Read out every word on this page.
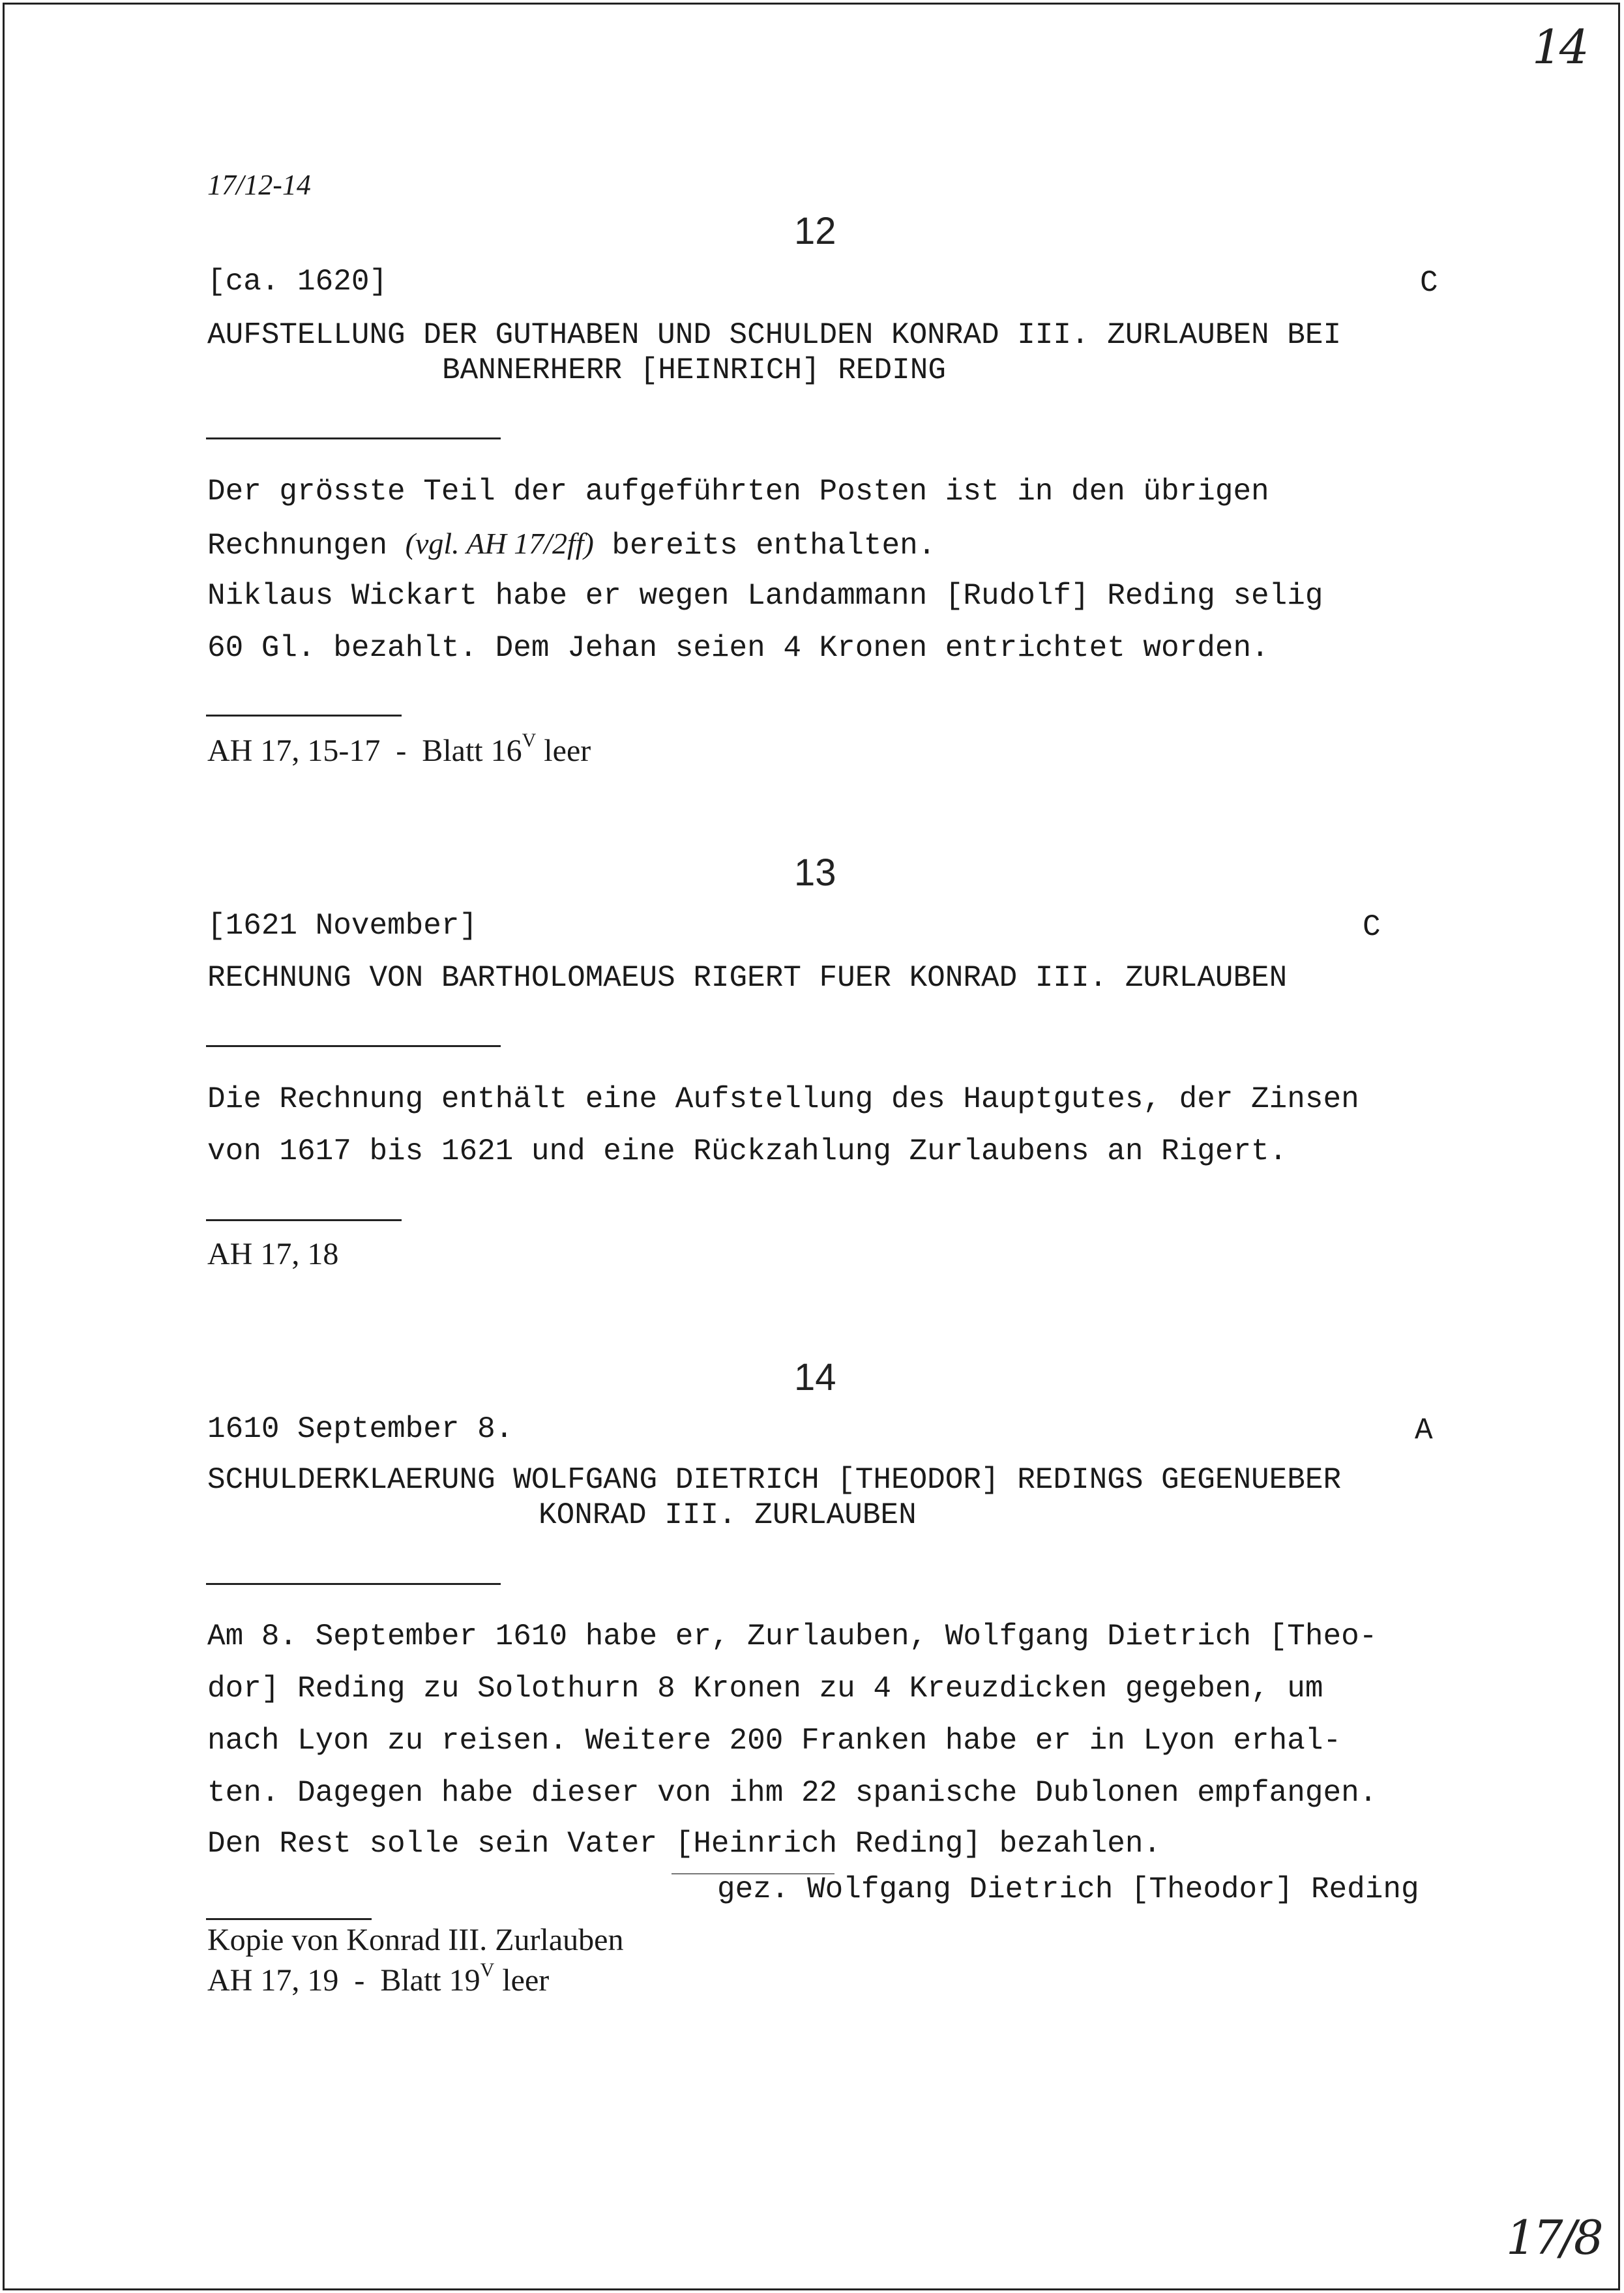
14
17/12-14
12
[ca. 1620]	C
AUFSTELLUNG DER GUTHABEN UND SCHULDEN KONRAD III. ZURLAUBEN BEI
BANNERHERR [HEINRICH] REDING
Der grösste Teil der aufgeführten Posten ist in den übrigen
Rechnungen (vgl. AH 17/2ff) bereits enthalten.
Niklaus Wickart habe er wegen Landammann [Rudolf] Reding selig
60 Gl. bezahlt. Dem Jehan seien 4 Kronen entrichtet worden.
AH 17, 15-17  -  Blatt $16^V$ leer
13
[1621 November]	C
RECHNUNG VON BARTHOLOMAEUS RIGERT FUER KONRAD III. ZURLAUBEN
Die Rechnung enthält eine Aufstellung des Hauptgutes, der Zinsen
von 1617 bis 1621 und eine Rückzahlung Zurlaubens an Rigert.
AH 17, 18
14
1610 September 8.	A
SCHULDERKLAERUNG WOLFGANG DIETRICH [THEODOR] REDINGS GEGENUEBER
KONRAD III. ZURLAUBEN
Am 8. September 1610 habe er, Zurlauben, Wolfgang Dietrich [Theo-
dor] Reding zu Solothurn 8 Kronen zu 4 Kreuzdicken gegeben, um
nach Lyon zu reisen. Weitere 200 Franken habe er in Lyon erhal-
ten. Dagegen habe dieser von ihm 22 spanische Dublonen empfangen.
Den Rest solle sein Vater [Heinrich Reding] bezahlen.
gez. Wolfgang Dietrich [Theodor] Reding
Kopie von Konrad III. Zurlauben
AH 17, 19  -  Blatt $19^V$ leer
17/8
